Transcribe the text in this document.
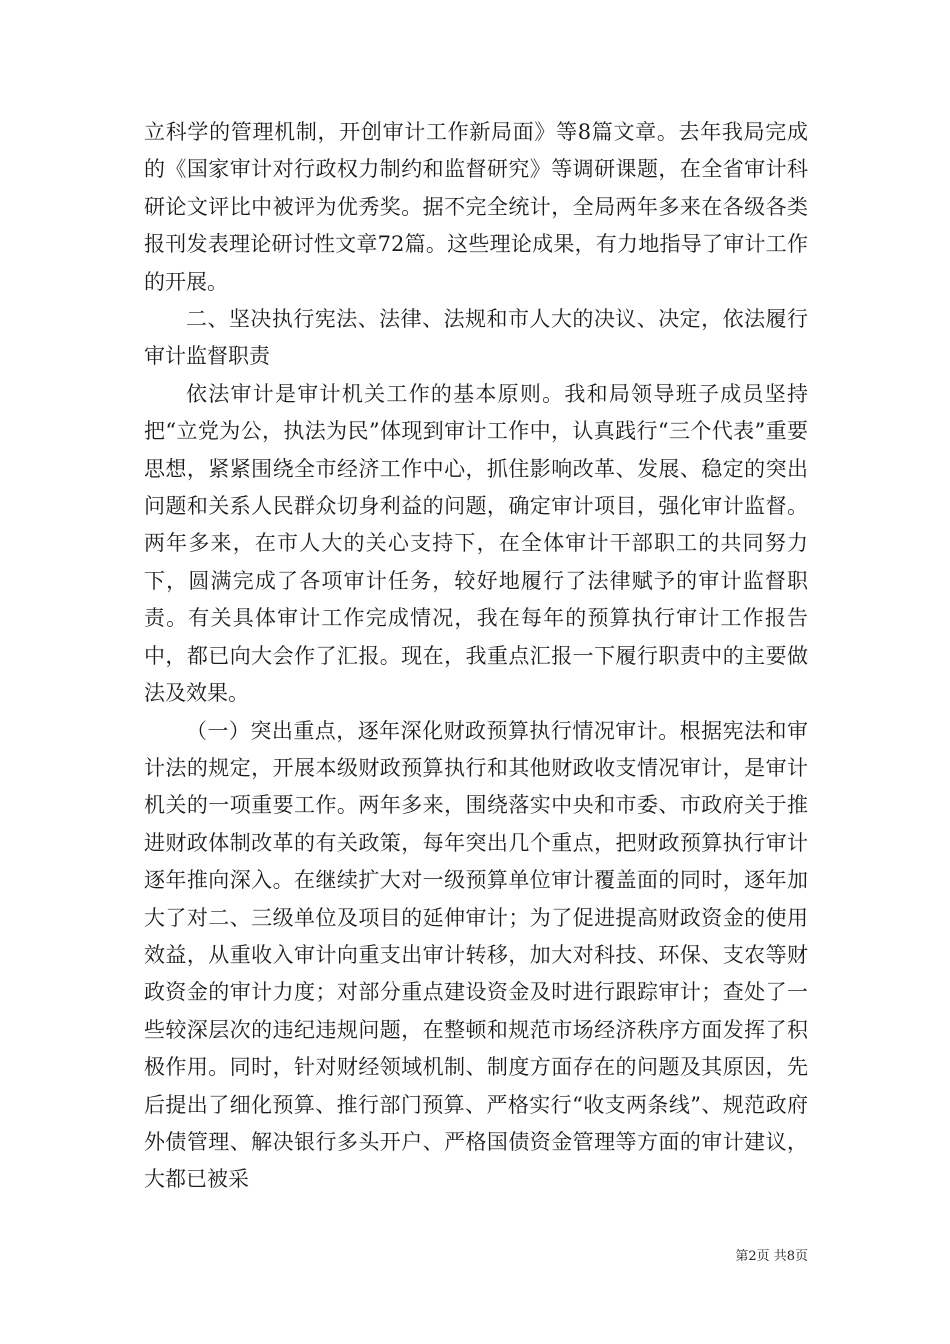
立科学的管理机制，开创审计工作新局面》等8篇文章。去年我局完成的《国家审计对行政权力制约和监督研究》等调研课题，在全省审计科研论文评比中被评为优秀奖。据不完全统计，全局两年多来在各级各类报刊发表理论研讨性文章72篇。这些理论成果，有力地指导了审计工作的开展。

二、坚决执行宪法、法律、法规和市人大的决议、决定，依法履行审计监督职责

依法审计是审计机关工作的基本原则。我和局领导班子成员坚持把“立党为公，执法为民”体现到审计工作中，认真践行“三个代表”重要思想，紧紧围绕全市经济工作中心，抓住影响改革、发展、稳定的突出问题和关系人民群众切身利益的问题，确定审计项目，强化审计监督。两年多来，在市人大的关心支持下，在全体审计干部职工的共同努力下，圆满完成了各项审计任务，较好地履行了法律赋予的审计监督职责。有关具体审计工作完成情况，我在每年的预算执行审计工作报告中，都已向大会作了汇报。现在，我重点汇报一下履行职责中的主要做法及效果。

（一）突出重点，逐年深化财政预算执行情况审计。根据宪法和审计法的规定，开展本级财政预算执行和其他财政收支情况审计，是审计机关的一项重要工作。两年多来，围绕落实中央和市委、市政府关于推进财政体制改革的有关政策，每年突出几个重点，把财政预算执行审计逐年推向深入。在继续扩大对一级预算单位审计覆盖面的同时，逐年加大了对二、三级单位及项目的延伸审计；为了促进提高财政资金的使用效益，从重收入审计向重支出审计转移，加大对科技、环保、支农等财政资金的审计力度；对部分重点建设资金及时进行跟踪审计；查处了一些较深层次的违纪违规问题，在整顿和规范市场经济秩序方面发挥了积极作用。同时，针对财经领域机制、制度方面存在的问题及其原因，先后提出了细化预算、推行部门预算、严格实行“收支两条线”、规范政府外债管理、解决银行多头开户、严格国债资金管理等方面的审计建议，大都已被采

第2页 共8页
